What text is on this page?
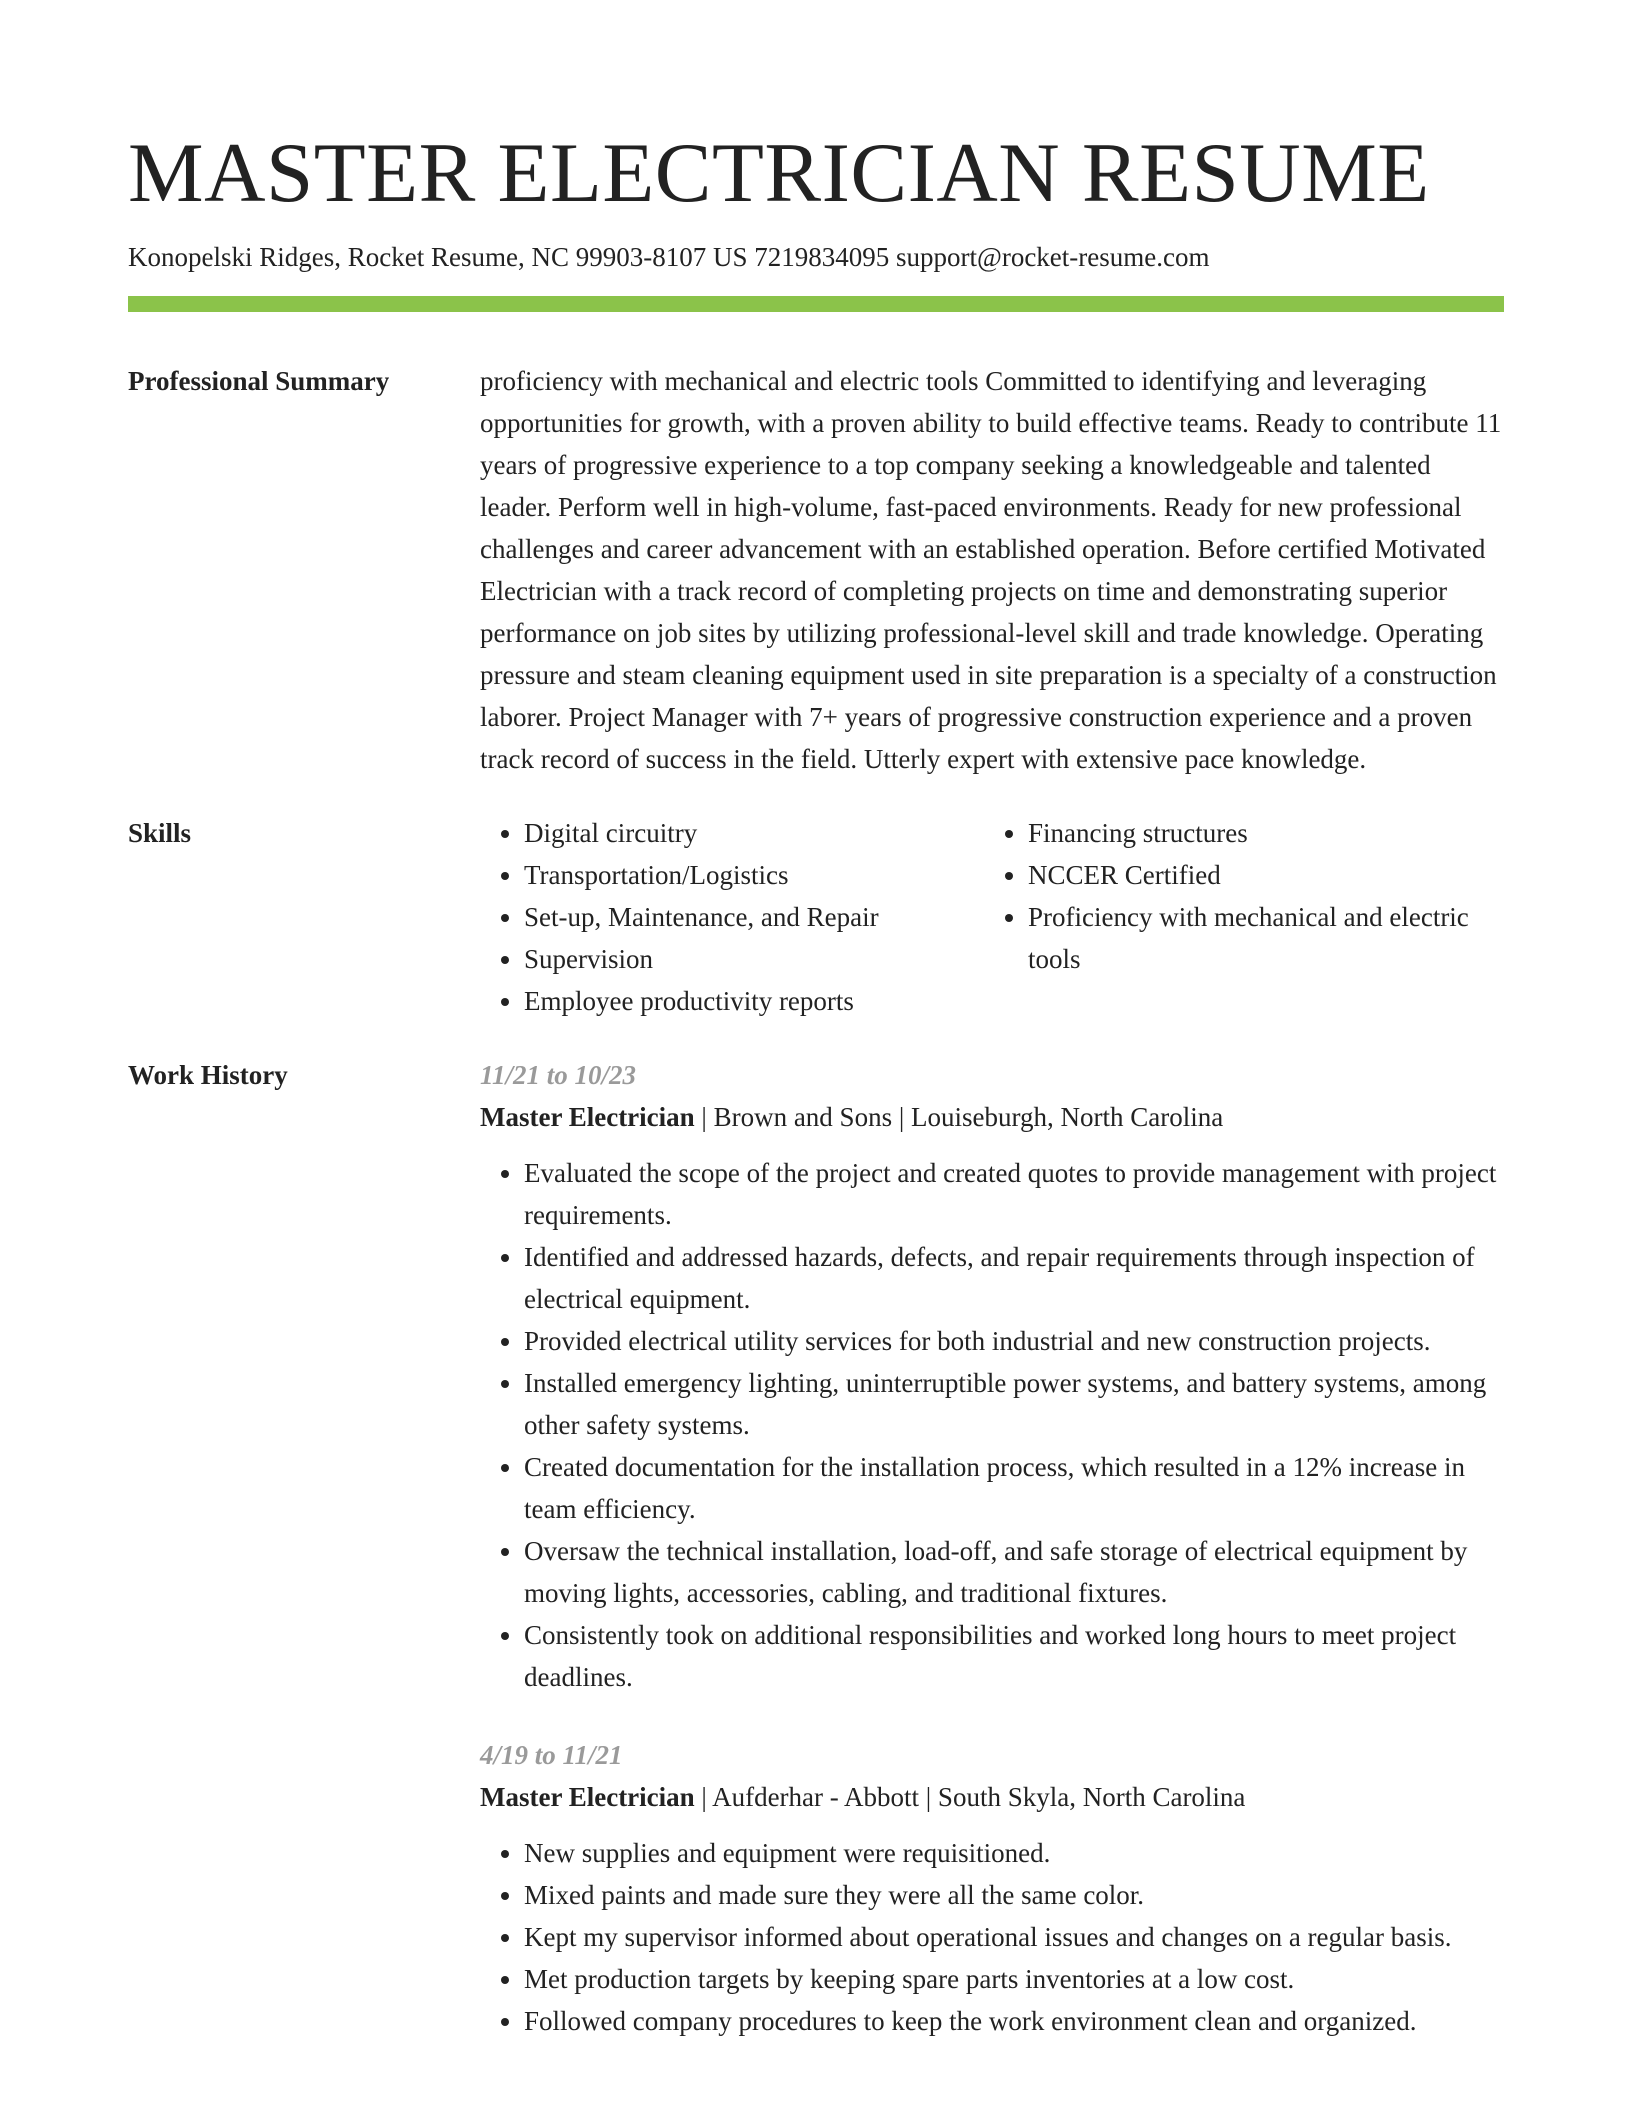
MASTER ELECTRICIAN RESUME
Konopelski Ridges, Rocket Resume, NC 99903-8107 US 7219834095 support@rocket-resume.com
Professional Summary	proficiency with mechanical and electric tools Committed to identifying and leveraging opportunities for growth, with a proven ability to build effective teams. Ready to contribute 11 years of progressive experience to a top company seeking a knowledgeable and talented leader. Perform well in high-volume, fast-paced environments. Ready for new professional challenges and career advancement with an established operation. Before certified Motivated Electrician with a track record of completing projects on time and demonstrating superior performance on job sites by utilizing professional-level skill and trade knowledge. Operating pressure and steam cleaning equipment used in site preparation is a specialty of a construction laborer. Project Manager with 7+ years of progressive construction experience and a proven track record of success in the field. Utterly expert with extensive pace knowledge.

Skills
•	Digital circuitry
• Transportation/Logistics
• Set-up, Maintenance, and Repair
• Supervision
• Employee productivity reports
• Financing structures
• NCCER Certified
• Proficiency with mechanical and electric tools
Work History	11/21 to 10/23
Master Electrician | Brown and Sons | Louiseburgh, North Carolina
• Evaluated the scope of the project and created quotes to provide management with project requirements.
• Identified and addressed hazards, defects, and repair requirements through inspection of electrical equipment.
• Provided electrical utility services for both industrial and new construction projects.
• Installed emergency lighting, uninterruptible power systems, and battery systems, among other safety systems.
• Created documentation for the installation process, which resulted in a 12% increase in team efficiency.
• Oversaw the technical installation, load-off, and safe storage of electrical equipment by moving lights, accessories, cabling, and traditional fixtures.
• Consistently took on additional responsibilities and worked long hours to meet project deadlines.
4/19 to 11/21
Master Electrician | Aufderhar - Abbott | South Skyla, North Carolina
• New supplies and equipment were requisitioned.
• Mixed paints and made sure they were all the same color.
• Kept my supervisor informed about operational issues and changes on a regular basis.
• Met production targets by keeping spare parts inventories at a low cost.
• Followed company procedures to keep the work environment clean and organized.
